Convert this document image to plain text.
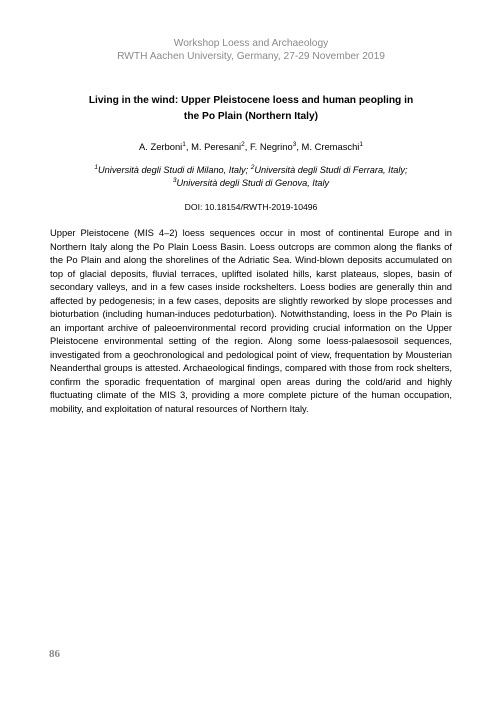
Workshop Loess and Archaeology
RWTH Aachen University, Germany, 27-29 November 2019
Living in the wind: Upper Pleistocene loess and human peopling in
the Po Plain (Northern Italy)
A. Zerboni$^1$, M. Peresani$^2$, F. Negrino$^3$, M. Cremaschi$^1$
$^1$Università degli Studi di Milano, Italy; $^2$Università degli Studi di Ferrara, Italy;
$^3$Università degli Studi di Genova, Italy
DOI: 10.18154/RWTH-2019-10496

Upper Pleistocene (MIS 4–2) loess sequences occur in most of continental Europe and in Northern Italy along the Po Plain Loess Basin. Loess outcrops are common along the flanks of the Po Plain and along the shorelines of the Adriatic Sea. Wind-blown deposits accumulated on top of glacial deposits, fluvial terraces, uplifted isolated hills, karst plateaus, slopes, basin of secondary valleys, and in a few cases inside rockshelters. Loess bodies are generally thin and affected by pedogenesis; in a few cases, deposits are slightly reworked by slope processes and bioturbation (including human-induces pedoturbation). Notwithstanding, loess in the Po Plain is an important archive of paleoenvironmental record providing crucial information on the Upper Pleistocene environmental setting of the region. Along some loess-palaesosoil sequences, investigated from a geochronological and pedological point of view, frequentation by Mousterian Neanderthal groups is attested. Archaeological findings, compared with those from rock shelters, confirm the sporadic frequentation of marginal open areas during the cold/arid and highly fluctuating climate of the MIS 3, providing a more complete picture of the human occupation, mobility, and exploitation of natural resources of Northern Italy.

86
